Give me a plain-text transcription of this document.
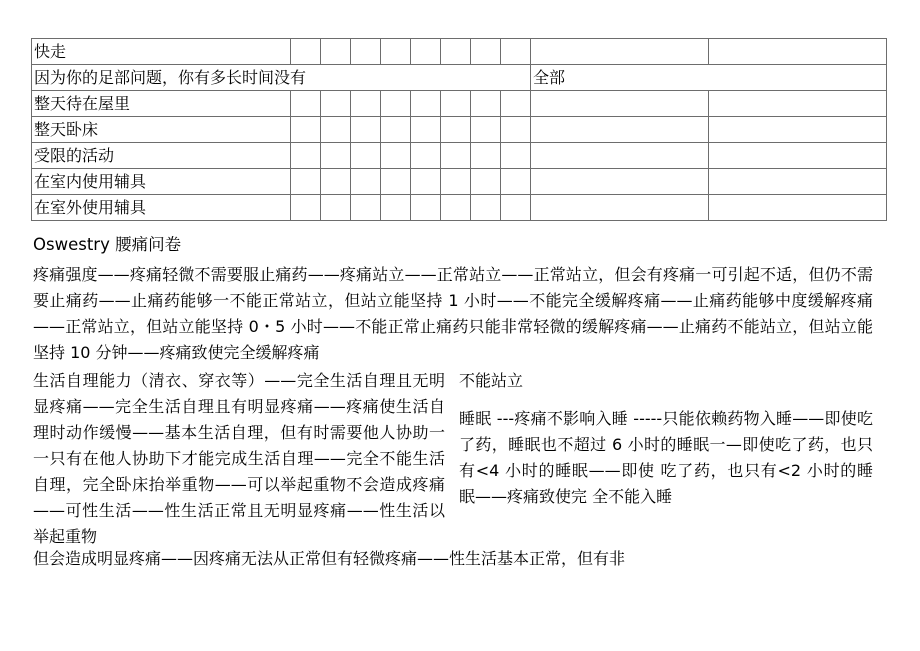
快走										
因为你的足部问题，你有多长时间没有									全部	
整天待在屋里										
整天卧床										
受限的活动										
在室内使用辅具										
在室外使用辅具										
Oswestry 腰痛问卷
疼痛强度——疼痛轻微不需要服止痛药——疼痛站立——正常站立——正常站立，但会有疼痛一可引起不适，但仍不需要止痛药——止痛药能够一不能正常站立，但站立能坚持 1 小时——不能完全缓解疼痛——止痛药能够中度缓解疼痛——正常站立，但站立能坚持 0・5 小时——不能正常止痛药只能非常轻微的缓解疼痛——止痛药不能站立，但站立能坚持 10 分钟——疼痛致使完全缓解疼痛
生活自理能力（清衣、穿衣等）——完全生活自理且无明显疼痛——完全生活自理且有明显疼痛——疼痛使生活自理时动作缓慢——基本生活自理，但有时需要他人协助一一只有在他人协助下才能完成生活自理——完全不能生活自理，完全卧床抬举重物——可以举起重物不会造成疼痛——可性生活——性生活正常且无明显疼痛——性生活以举起重物
不能站立
睡眠 ---疼痛不影响入睡 -----只能依赖药物入睡——即使吃了药，睡眠也不超过 6 小时的睡眠一—即使吃了药，也只有<4 小时的睡眠——即使 吃了药，也只有<2 小时的睡眠——疼痛致使完 全不能入睡
但会造成明显疼痛——因疼痛无法从正常但有轻微疼痛——性生活基本正常，但有非
